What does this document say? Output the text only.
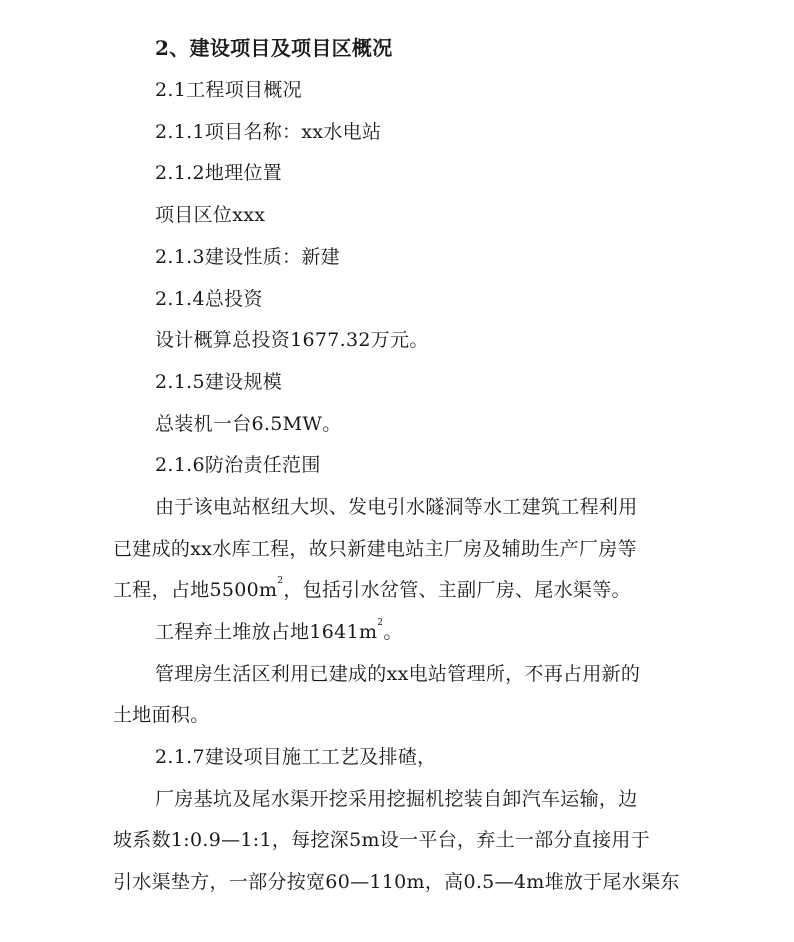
2、建设项目及项目区概况
2.1工程项目概况
2.1.1项目名称：xx水电站
2.1.2地理位置
项目区位xxx
2.1.3建设性质：新建
2.1.4总投资
设计概算总投资1677.32万元。
2.1.5建设规模
总装机一台6.5MW。
2.1.6防治责任范围
由于该电站枢纽大坝、发电引水隧洞等水工建筑工程利用
已建成的xx水库工程，故只新建电站主厂房及辅助生产厂房等
工程，占地$5500m^2$，包括引水岔管、主副厂房、尾水渠等。
工程弃土堆放占地$1641m^2$。
管理房生活区利用已建成的xx电站管理所，不再占用新的
土地面积。
2.1.7建设项目施工工艺及排碴，
厂房基坑及尾水渠开挖采用挖掘机挖装自卸汽车运输，边
坡系数1:0.9—1:1，每挖深5m设一平台，弃土一部分直接用于
引水渠垫方，一部分按宽60—110m，高0.5—4m堆放于尾水渠东
